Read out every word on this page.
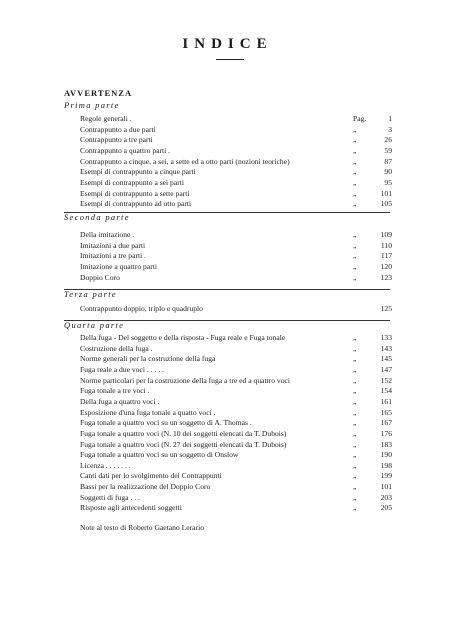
INDICE
AVVERTENZA
Prima parte
Regole generali .	Pag.	1
Contrappunto a due parti	„	3
Contrappunto a tre parti	„	26
Contrappunto a quattro parti .	„	59
Contrappunto a cinque, a sei, a sette ed a otto parti (nozioni teoriche)	„	87
Esempi di contrappunto a cinque parti	„	90
Esempi di contrappunto a sei parti	„	95
Esempi di contrappunto a sette parti	„	101
Esempi di contrappunto ad otto parti	„	105
Seconda parte
Della imitazione .	„	109
Imitazioni a due parti	„	110
Imitazioni a tre parti .	„	117
Imitazione a quattro parti	„	120
Doppio Coro	„	123
Terza parte
Contrappunto doppio, triplo e quadruplo	125
Quarta parte
Della fuga - Del soggetto e della risposta - Fuga reale e Fuga tonale	„	133
Costruzione della fuga .	„	143
Norme generali per la costruzione della fuga	„	145
Fuga reale a due voci . . . . .	„	147
Norme particolari per la costruzione della fuga a tre ed a quattro voci	„	152
Fuga tonale a tre voci .	„	154
Della fuga a quattro voci .	„	161
Esposizione d'una fuga tonale a quatto voci .	„	165
Fuga tonale a quattro voci su un soggetto di A. Thomas .	„	167
Fuga tonale a quattro voci (N. 10 dei soggetti elencati da T. Dubois)	„	176
Fuga tonale a quattro voci (N. 27 dei soggetti elencati da T. Dubois)	„	183
Fuga tonale a quattro voci su un soggetto di Onslow	„	190
Licenza . . . . . . .	„	198
Canti dati per lo svolgimento dei Contrappunti	„	199
Bassi per la realizzazione del Doppio Coro	„	101
Soggetti di fuga . . .	„	203
Risposte agli antecedenti soggetti	„	205
Note al testo di Roberto Gaetano Lerario
